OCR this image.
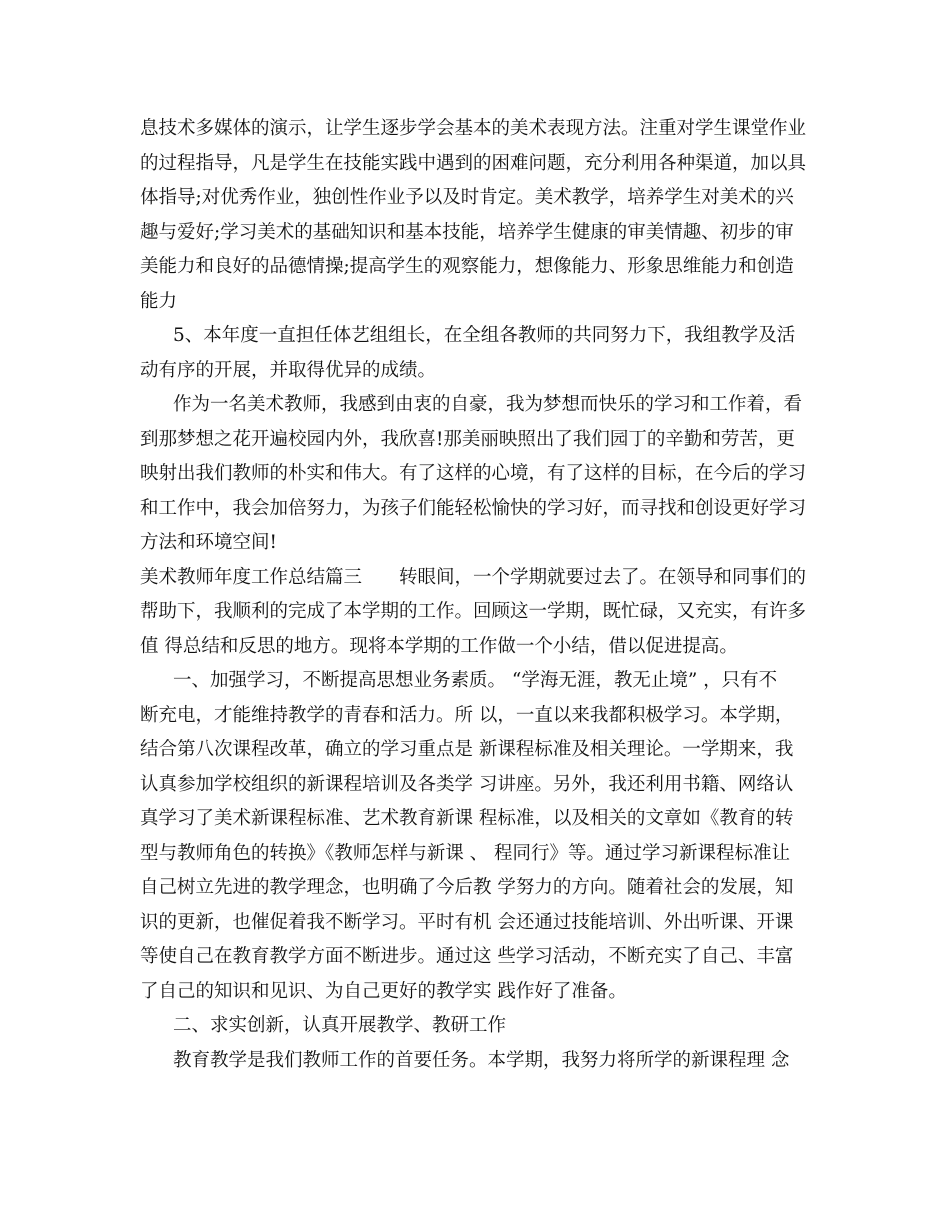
息技术多媒体的演示，让学生逐步学会基本的美术表现方法。注重对学生课堂作业
的过程指导，凡是学生在技能实践中遇到的困难问题，充分利用各种渠道，加以具
体指导;对优秀作业，独创性作业予以及时肯定。美术教学，培养学生对美术的兴
趣与爱好;学习美术的基础知识和基本技能，培养学生健康的审美情趣、初步的审
美能力和良好的品德情操;提高学生的观察能力，想像能力、形象思维能力和创造
能力
5、本年度一直担任体艺组组长，在全组各教师的共同努力下，我组教学及活
动有序的开展，并取得优异的成绩。
作为一名美术教师，我感到由衷的自豪，我为梦想而快乐的学习和工作着，看
到那梦想之花开遍校园内外，我欣喜!那美丽映照出了我们园丁的辛勤和劳苦，更
映射出我们教师的朴实和伟大。有了这样的心境，有了这样的目标，在今后的学习
和工作中，我会加倍努力，为孩子们能轻松愉快的学习好，而寻找和创设更好学习
方法和环境空间!
美术教师年度工作总结篇三　　转眼间，一个学期就要过去了。在领导和同事们的
帮助下，我顺利的完成了本学期的工作。回顾这一学期，既忙碌，又充实，有许多
值 得总结和反思的地方。现将本学期的工作做一个小结，借以促进提高。
一、加强学习，不断提高思想业务素质。 “学海无涯，教无止境” ，只有不
断充电，才能维持教学的青春和活力。所 以，一直以来我都积极学习。本学期，
结合第八次课程改革，确立的学习重点是 新课程标准及相关理论。一学期来，我
认真参加学校组织的新课程培训及各类学 习讲座。另外，我还利用书籍、网络认
真学习了美术新课程标准、艺术教育新课 程标准，以及相关的文章如《教育的转
型与教师角色的转换》《教师怎样与新课 、 程同行》等。通过学习新课程标准让
自己树立先进的教学理念，也明确了今后教 学努力的方向。随着社会的发展，知
识的更新，也催促着我不断学习。平时有机 会还通过技能培训、外出听课、开课
等使自己在教育教学方面不断进步。通过这 些学习活动，不断充实了自己、丰富
了自己的知识和见识、为自己更好的教学实 践作好了准备。
二、求实创新，认真开展教学、教研工作
教育教学是我们教师工作的首要任务。本学期，我努力将所学的新课程理 念
